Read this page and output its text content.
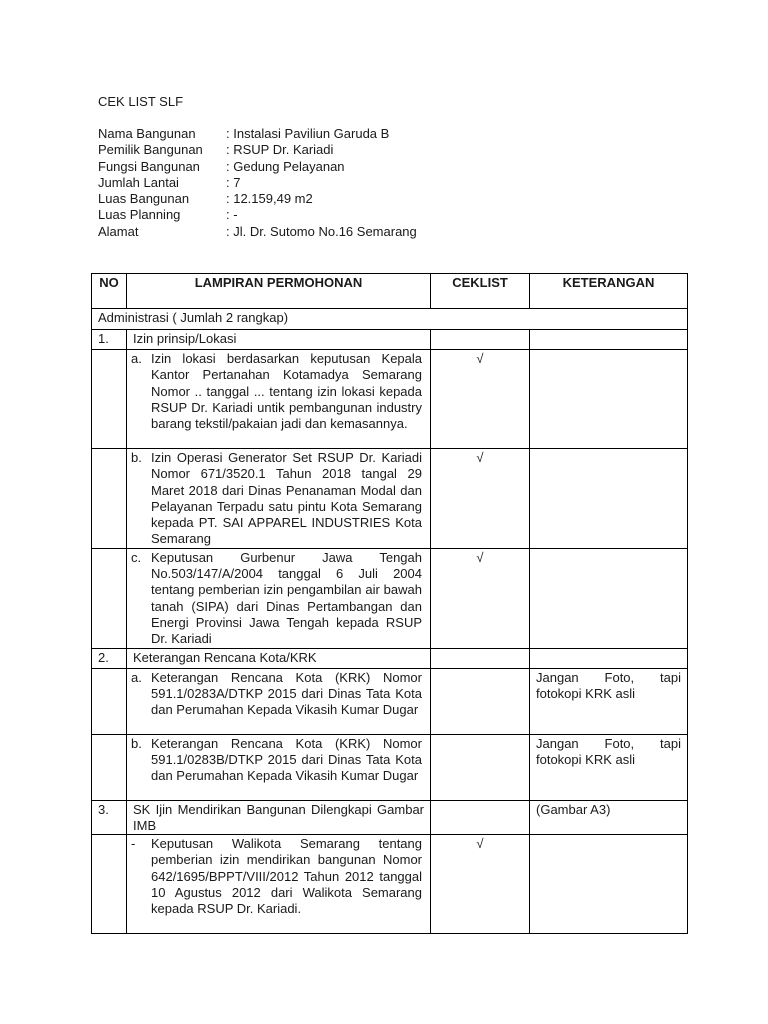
CEK LIST SLF
Nama Bangunan	: Instalasi Paviliun Garuda B
Pemilik Bangunan	: RSUP Dr. Kariadi
Fungsi Bangunan	: Gedung Pelayanan
Jumlah Lantai	: 7
Luas Bangunan	: 12.159,49 m2
Luas Planning	: -
Alamat	: Jl. Dr. Sutomo No.16 Semarang
NO	LAMPIRAN PERMOHONAN	CEKLIST	KETERANGAN
Administrasi ( Jumlah 2 rangkap)			
1.	Izin prinsip/Lokasi		

	a. Izin lokasi berdasarkan keputusan Kepala Kantor Pertanahan Kotamadya Semarang Nomor .. tanggal ... tentang izin lokasi kepada RSUP Dr. Kariadi untik pembangunan industry barang tekstil/pakaian jadi dan kemasannya.	√	

	b. Izin Operasi Generator Set RSUP Dr. Kariadi Nomor 671/3520.1 Tahun 2018 tangal 29 Maret 2018 dari Dinas Penanaman Modal dan Pelayanan Terpadu satu pintu Kota Semarang kepada PT. SAI APPAREL INDUSTRIES Kota Semarang	√	

	c. Keputusan Gurbenur Jawa Tengah No.503/147/A/2004 tanggal 6 Juli 2004 tentang pemberian izin pengambilan air bawah tanah (SIPA) dari Dinas Pertambangan dan Energi Provinsi Jawa Tengah kepada RSUP Dr. Kariadi	√	
2.	Keterangan Rencana Kota/KRK		

	a. Keterangan Rencana Kota (KRK) Nomor 591.1/0283A/DTKP 2015 dari Dinas Tata Kota dan Perumahan Kepada Vikasih Kumar Dugar		Jangan Foto, tapi fotokopi KRK asli

	b. Keterangan Rencana Kota (KRK) Nomor 591.1/0283B/DTKP 2015 dari Dinas Tata Kota dan Perumahan Kepada Vikasih Kumar Dugar		Jangan Foto, tapi fotokopi KRK asli
3.	SK Ijin Mendirikan Bangunan Dilengkapi Gambar IMB		(Gambar A3)

	- Keputusan Walikota Semarang tentang pemberian izin mendirikan bangunan Nomor 642/1695/BPPT/VIII/2012 Tahun 2012 tanggal 10 Agustus 2012 dari Walikota Semarang kepada RSUP Dr. Kariadi.	√	
